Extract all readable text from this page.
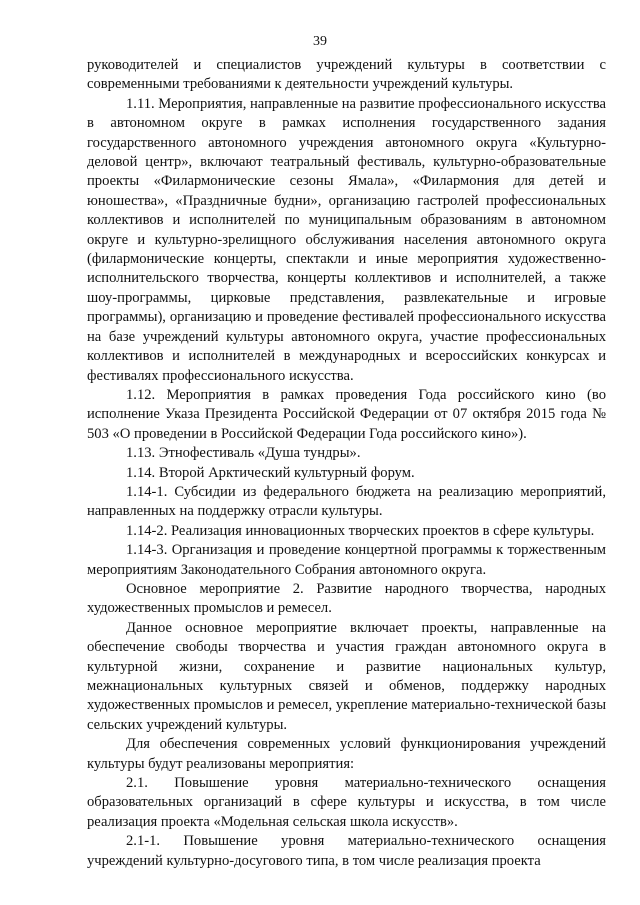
39

руководителей и специалистов учреждений культуры в соответствии с современными требованиями к деятельности учреждений культуры.

1.11. Мероприятия, направленные на развитие профессионального искусства в автономном округе в рамках исполнения государственного задания государственного автономного учреждения автономного округа «Культурно-деловой центр», включают театральный фестиваль, культурно-образовательные проекты «Филармонические сезоны Ямала», «Филармония для детей и юношества», «Праздничные будни», организацию гастролей профессиональных коллективов и исполнителей по муниципальным образованиям в автономном округе и культурно-зрелищного обслуживания населения автономного округа (филармонические концерты, спектакли и иные мероприятия художественно-исполнительского творчества, концерты коллективов и исполнителей, а также шоу-программы, цирковые представления, развлекательные и игровые программы), организацию и проведение фестивалей профессионального искусства на базе учреждений культуры автономного округа, участие профессиональных коллективов и исполнителей в международных и всероссийских конкурсах и фестивалях профессионального искусства.

1.12. Мероприятия в рамках проведения Года российского кино (во исполнение Указа Президента Российской Федерации от 07 октября 2015 года № 503 «О проведении в Российской Федерации Года российского кино»).

1.13. Этнофестиваль «Душа тундры».

1.14. Второй Арктический культурный форум.

1.14-1. Субсидии из федерального бюджета на реализацию мероприятий, направленных на поддержку отрасли культуры.

1.14-2. Реализация инновационных творческих проектов в сфере культуры.

1.14-3. Организация и проведение концертной программы к торжественным мероприятиям Законодательного Собрания автономного округа.

Основное мероприятие 2. Развитие народного творчества, народных художественных промыслов и ремесел.

Данное основное мероприятие включает проекты, направленные на обеспечение свободы творчества и участия граждан автономного округа в культурной жизни, сохранение и развитие национальных культур, межнациональных культурных связей и обменов, поддержку народных художественных промыслов и ремесел, укрепление материально-технической базы сельских учреждений культуры.

Для обеспечения современных условий функционирования учреждений культуры будут реализованы мероприятия:

2.1. Повышение уровня материально-технического оснащения образовательных организаций в сфере культуры и искусства, в том числе реализация проекта «Модельная сельская школа искусств».

2.1-1. Повышение уровня материально-технического оснащения учреждений культурно-досугового типа, в том числе реализация проекта
